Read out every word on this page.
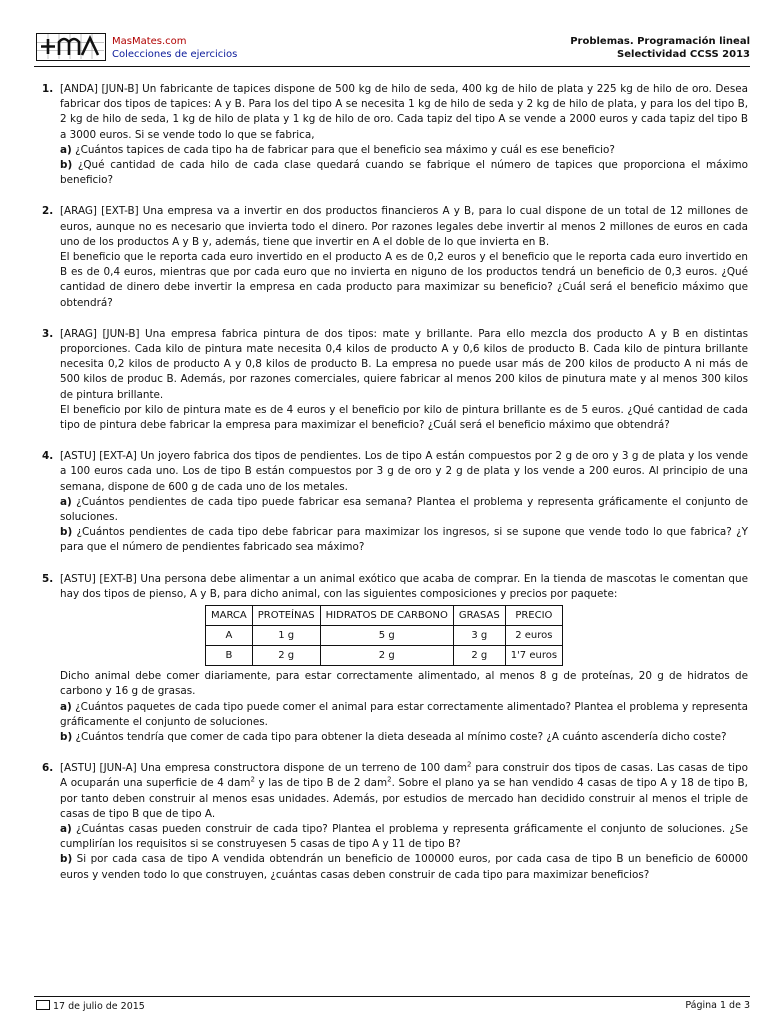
MasMates.com
Colecciones de ejercicios
Problemas. Programación lineal
Selectividad CCSS 2013
1. [ANDA] [JUN-B] Un fabricante de tapices dispone de 500 kg de hilo de seda, 400 kg de hilo de plata y 225 kg de hilo de oro. Desea fabricar dos tipos de tapices: A y B. Para los del tipo A se necesita 1 kg de hilo de seda y 2 kg de hilo de plata, y para los del tipo B, 2 kg de hilo de seda, 1 kg de hilo de plata y 1 kg de hilo de oro. Cada tapiz del tipo A se vende a 2000 euros y cada tapiz del tipo B a 3000 euros. Si se vende todo lo que se fabrica,

a) ¿Cuántos tapices de cada tipo ha de fabricar para que el beneficio sea máximo y cuál es ese beneficio?

b) ¿Qué cantidad de cada hilo de cada clase quedará cuando se fabrique el número de tapices que proporciona el máximo beneficio?

2. [ARAG] [EXT-B] Una empresa va a invertir en dos productos financieros A y B, para lo cual dispone de un total de 12 millones de euros, aunque no es necesario que invierta todo el dinero. Por razones legales debe invertir al menos 2 millones de euros en cada uno de los productos A y B y, además, tiene que invertir en A el doble de lo que invierta en B.

El beneficio que le reporta cada euro invertido en el producto A es de 0,2 euros y el beneficio que le reporta cada euro invertido en B es de 0,4 euros, mientras que por cada euro que no invierta en niguno de los productos tendrá un beneficio de 0,3 euros. ¿Qué cantidad de dinero debe invertir la empresa en cada producto para maximizar su beneficio? ¿Cuál será el beneficio máximo que obtendrá?

3. [ARAG] [JUN-B] Una empresa fabrica pintura de dos tipos: mate y brillante. Para ello mezcla dos producto A y B en distintas proporciones. Cada kilo de pintura mate necesita 0,4 kilos de producto A y 0,6 kilos de producto B. Cada kilo de pintura brillante necesita 0,2 kilos de producto A y 0,8 kilos de producto B. La empresa no puede usar más de 200 kilos de producto A ni más de 500 kilos de produc B. Además, por razones comerciales, quiere fabricar al menos 200 kilos de pinutura mate y al menos 300 kilos de pintura brillante.

El beneficio por kilo de pintura mate es de 4 euros y el beneficio por kilo de pintura brillante es de 5 euros. ¿Qué cantidad de cada tipo de pintura debe fabricar la empresa para maximizar el beneficio? ¿Cuál será el beneficio máximo que obtendrá?

4. [ASTU] [EXT-A] Un joyero fabrica dos tipos de pendientes. Los de tipo A están compuestos por 2 g de oro y 3 g de plata y los vende a 100 euros cada uno. Los de tipo B están compuestos por 3 g de oro y 2 g de plata y los vende a 200 euros. Al principio de una semana, dispone de 600 g de cada uno de los metales.

a) ¿Cuántos pendientes de cada tipo puede fabricar esa semana? Plantea el problema y representa gráficamente el conjunto de soluciones.

b) ¿Cuántos pendientes de cada tipo debe fabricar para maximizar los ingresos, si se supone que vende todo lo que fabrica? ¿Y para que el número de pendientes fabricado sea máximo?

5. [ASTU] [EXT-B] Una persona debe alimentar a un animal exótico que acaba de comprar. En la tienda de mascotas le comentan que hay dos tipos de pienso, A y B, para dicho animal, con las siguientes composiciones y precios por paquete:

MARCA	PROTEÍNAS	HIDRATOS DE CARBONO	GRASAS	PRECIO
A	1 g	5 g	3 g	2 euros
B	2 g	2 g	2 g	1'7 euros

Dicho animal debe comer diariamente, para estar correctamente alimentado, al menos 8 g de proteínas, 20 g de hidratos de carbono y 16 g de grasas.

a) ¿Cuántos paquetes de cada tipo puede comer el animal para estar correctamente alimentado? Plantea el problema y representa gráficamente el conjunto de soluciones.

b) ¿Cuántos tendría que comer de cada tipo para obtener la dieta deseada al mínimo coste? ¿A cuánto ascendería dicho coste?

6. [ASTU] [JUN-A] Una empresa constructora dispone de un terreno de 100 dam$^2$ para construir dos tipos de casas. Las casas de tipo A ocuparán una superficie de 4 dam$^2$ y las de tipo B de 2 dam$^2$. Sobre el plano ya se han vendido 4 casas de tipo A y 18 de tipo B, por tanto deben construir al menos esas unidades. Además, por estudios de mercado han decidido construir al menos el triple de casas de tipo B que de tipo A.

a) ¿Cuántas casas pueden construir de cada tipo? Plantea el problema y representa gráficamente el conjunto de soluciones. ¿Se cumplirían los requisitos si se construyesen 5 casas de tipo A y 11 de tipo B?

b) Si por cada casa de tipo A vendida obtendrán un beneficio de 100000 euros, por cada casa de tipo B un beneficio de 60000 euros y venden todo lo que construyen, ¿cuántas casas deben construir de cada tipo para maximizar beneficios?

17 de julio de 2015	Página 1 de 3
